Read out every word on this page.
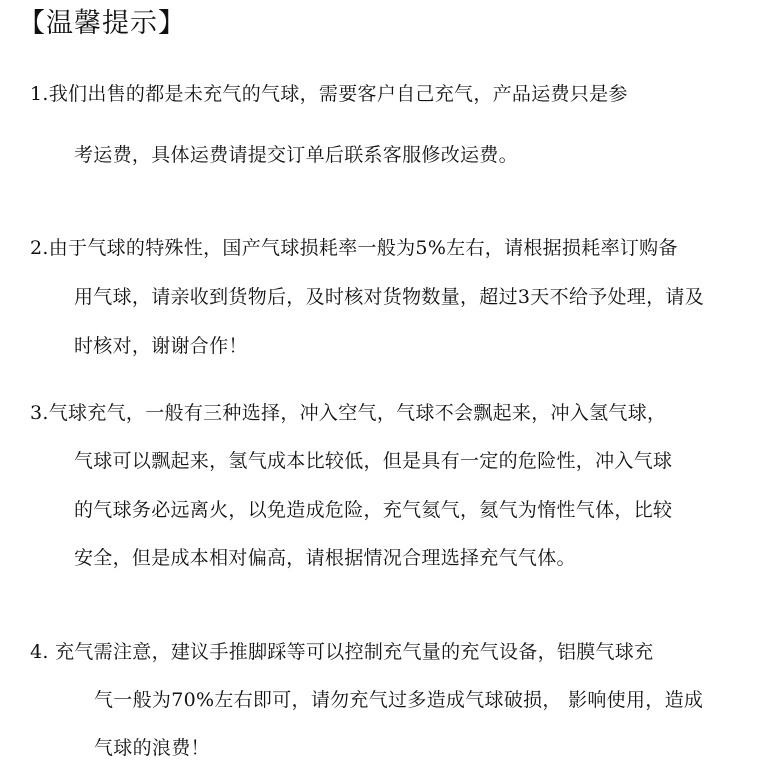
【温馨提示】
1.我们出售的都是未充气的气球，需要客户自己充气，产品运费只是参
考运费，具体运费请提交订单后联系客服修改运费。
2.由于气球的特殊性，国产气球损耗率一般为5%左右，请根据损耗率订购备
用气球，请亲收到货物后，及时核对货物数量，超过3天不给予处理，请及
时核对，谢谢合作！
3.气球充气，一般有三种选择，冲入空气，气球不会飘起来，冲入氢气球，
气球可以飘起来，氢气成本比较低，但是具有一定的危险性，冲入气球
的气球务必远离火，以免造成危险，充气氦气，氦气为惰性气体，比较
安全，但是成本相对偏高，请根据情况合理选择充气气体。
4. 充气需注意，建议手推脚踩等可以控制充气量的充气设备，铝膜气球充
气一般为70%左右即可，请勿充气过多造成气球破损， 影响使用，造成
气球的浪费！
